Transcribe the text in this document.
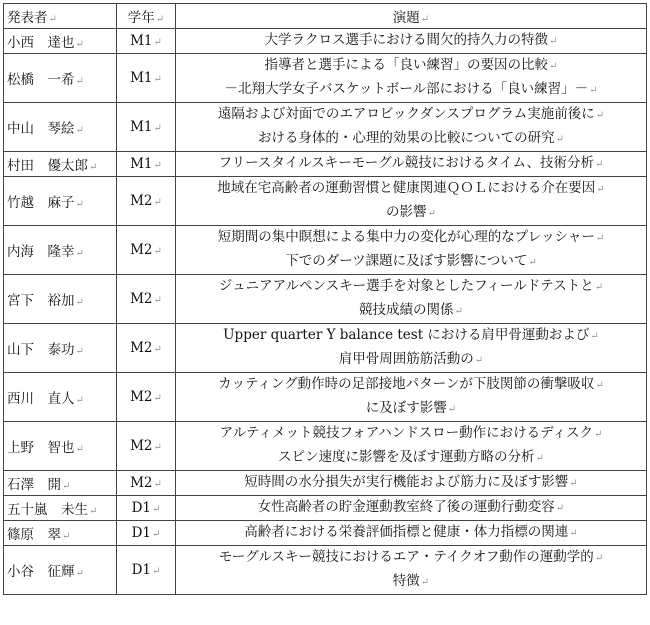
発表者↵	学年↵	演題↵
小西　達也↵	M1↵	大学ラクロス選手における間欠的持久力の特徴↵

松橋　一希↵	M1↵	指導者と選手による「良い練習」の要因の比較↵
－北翔大学女子バスケットボール部における「良い練習」－↵

中山　琴絵↵	M1↵	遠隔および対面でのエアロビックダンスプログラム実施前後に↵
おける身体的・心理的効果の比較についての研究↵

村田　優太郎↵	M1↵	フリースタイルスキーモーグル競技におけるタイム、技術分析↵

竹越　麻子↵	M2↵	地域在宅高齢者の運動習慣と健康関連ＱＯＬにおける介在要因↵
の影響↵

内海　隆幸↵	M2↵	短期間の集中瞑想による集中力の変化が心理的なプレッシャー↵
下でのダーツ課題に及ぼす影響について↵

宮下　裕加↵	M2↵	ジュニアアルペンスキー選手を対象としたフィールドテストと↵
競技成績の関係↵

山下　泰功↵	M2↵	Upper quarter Y balance test における肩甲骨運動および↵
肩甲骨周囲筋筋活動の↵

西川　直人↵	M2↵	カッティング動作時の足部接地パターンが下肢関節の衝撃吸収↵
に及ぼす影響↵

上野　智也↵	M2↵	アルティメット競技フォアハンドスロー動作におけるディスク↵
スピン速度に影響を及ぼす運動方略の分析↵

石澤　開↵	M2↵	短時間の水分損失が実行機能および筋力に及ぼす影響↵

五十嵐　未生↵	D1↵	女性高齢者の貯金運動教室終了後の運動行動変容↵

篠原　翠↵	D1↵	高齢者における栄養評価指標と健康・体力指標の関連↵

小谷　征輝↵	D1↵	モーグルスキー競技におけるエア・テイクオフ動作の運動学的↵
特徴↵
